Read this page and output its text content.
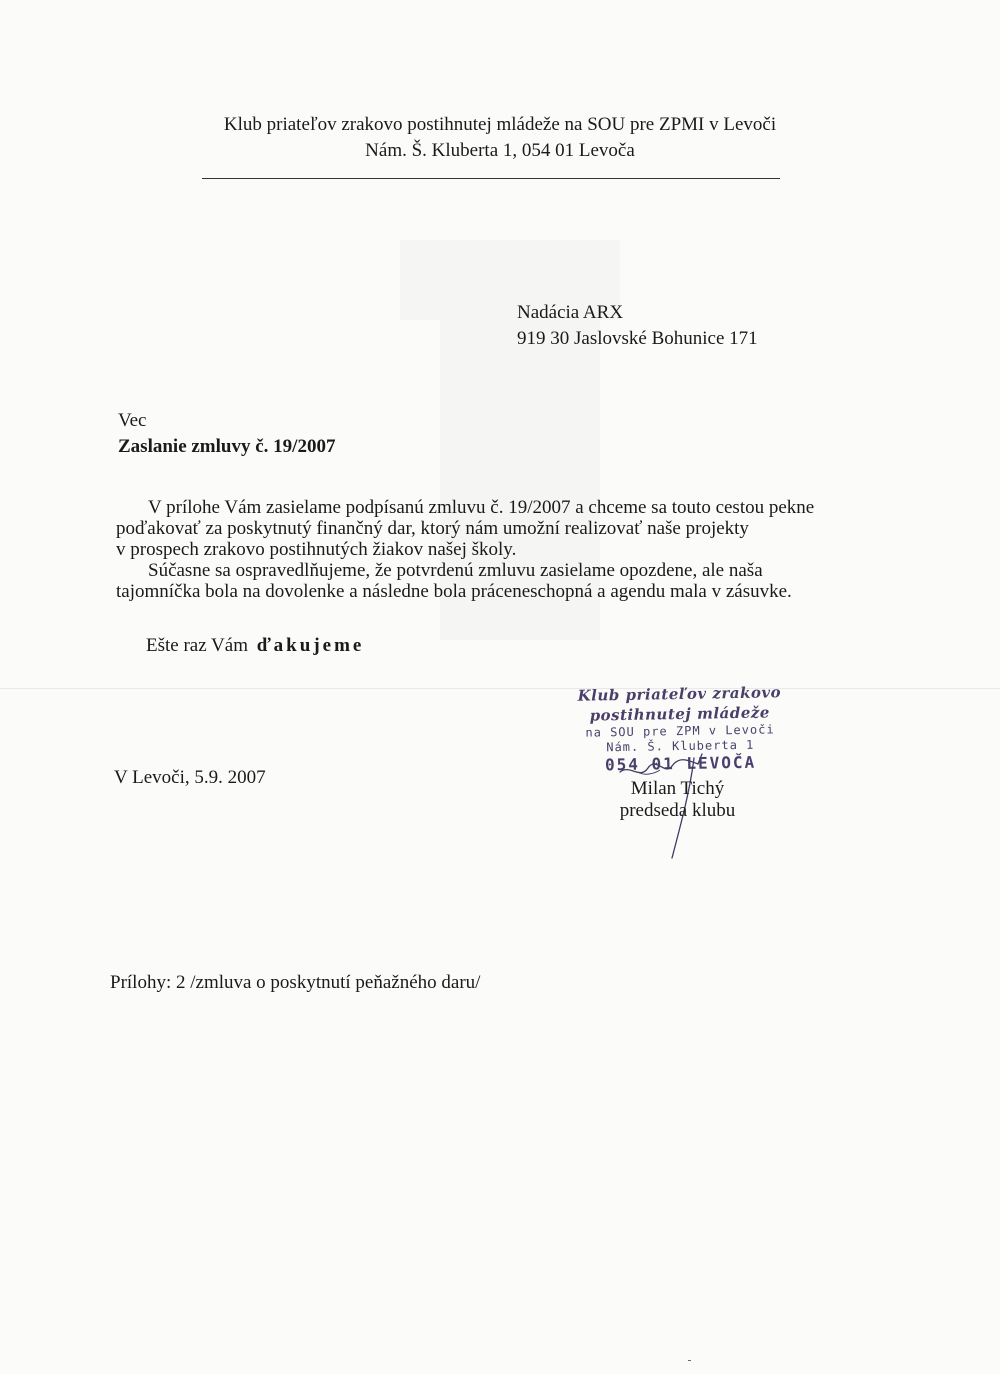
Klub priateľov zrakovo postihnutej mládeže na SOU pre ZPMI v Levoči
Nám. Š. Kluberta 1, 054 01 Levoča
Nadácia ARX
919 30 Jaslovské Bohunice 171
Vec
Zaslanie zmluvy č. 19/2007

V prílohe Vám zasielame podpísanú zmluvu č. 19/2007 a chceme sa touto cestou pekne

poďakovať za poskytnutý finančný dar, ktorý nám umožní realizovať naše projekty

v prospech zrakovo postihnutých žiakov našej školy.

Súčasne sa ospravedlňujeme, že potvrdenú zmluvu zasielame opozdene, ale naša

tajomníčka bola na dovolenke a následne bola práceneschopná a agendu mala v zásuvke.

Ešte raz Vám ďakujeme
Klub priateľov zrakovo
postihnutej mládeže
na SOU pre ZPM v Levoči
Nám. Š. Kluberta 1
054 01 LEVOČA
Milan Tichý
predseda klubu
V Levoči, 5.9. 2007
Prílohy: 2 /zmluva o poskytnutí peňažného daru/
